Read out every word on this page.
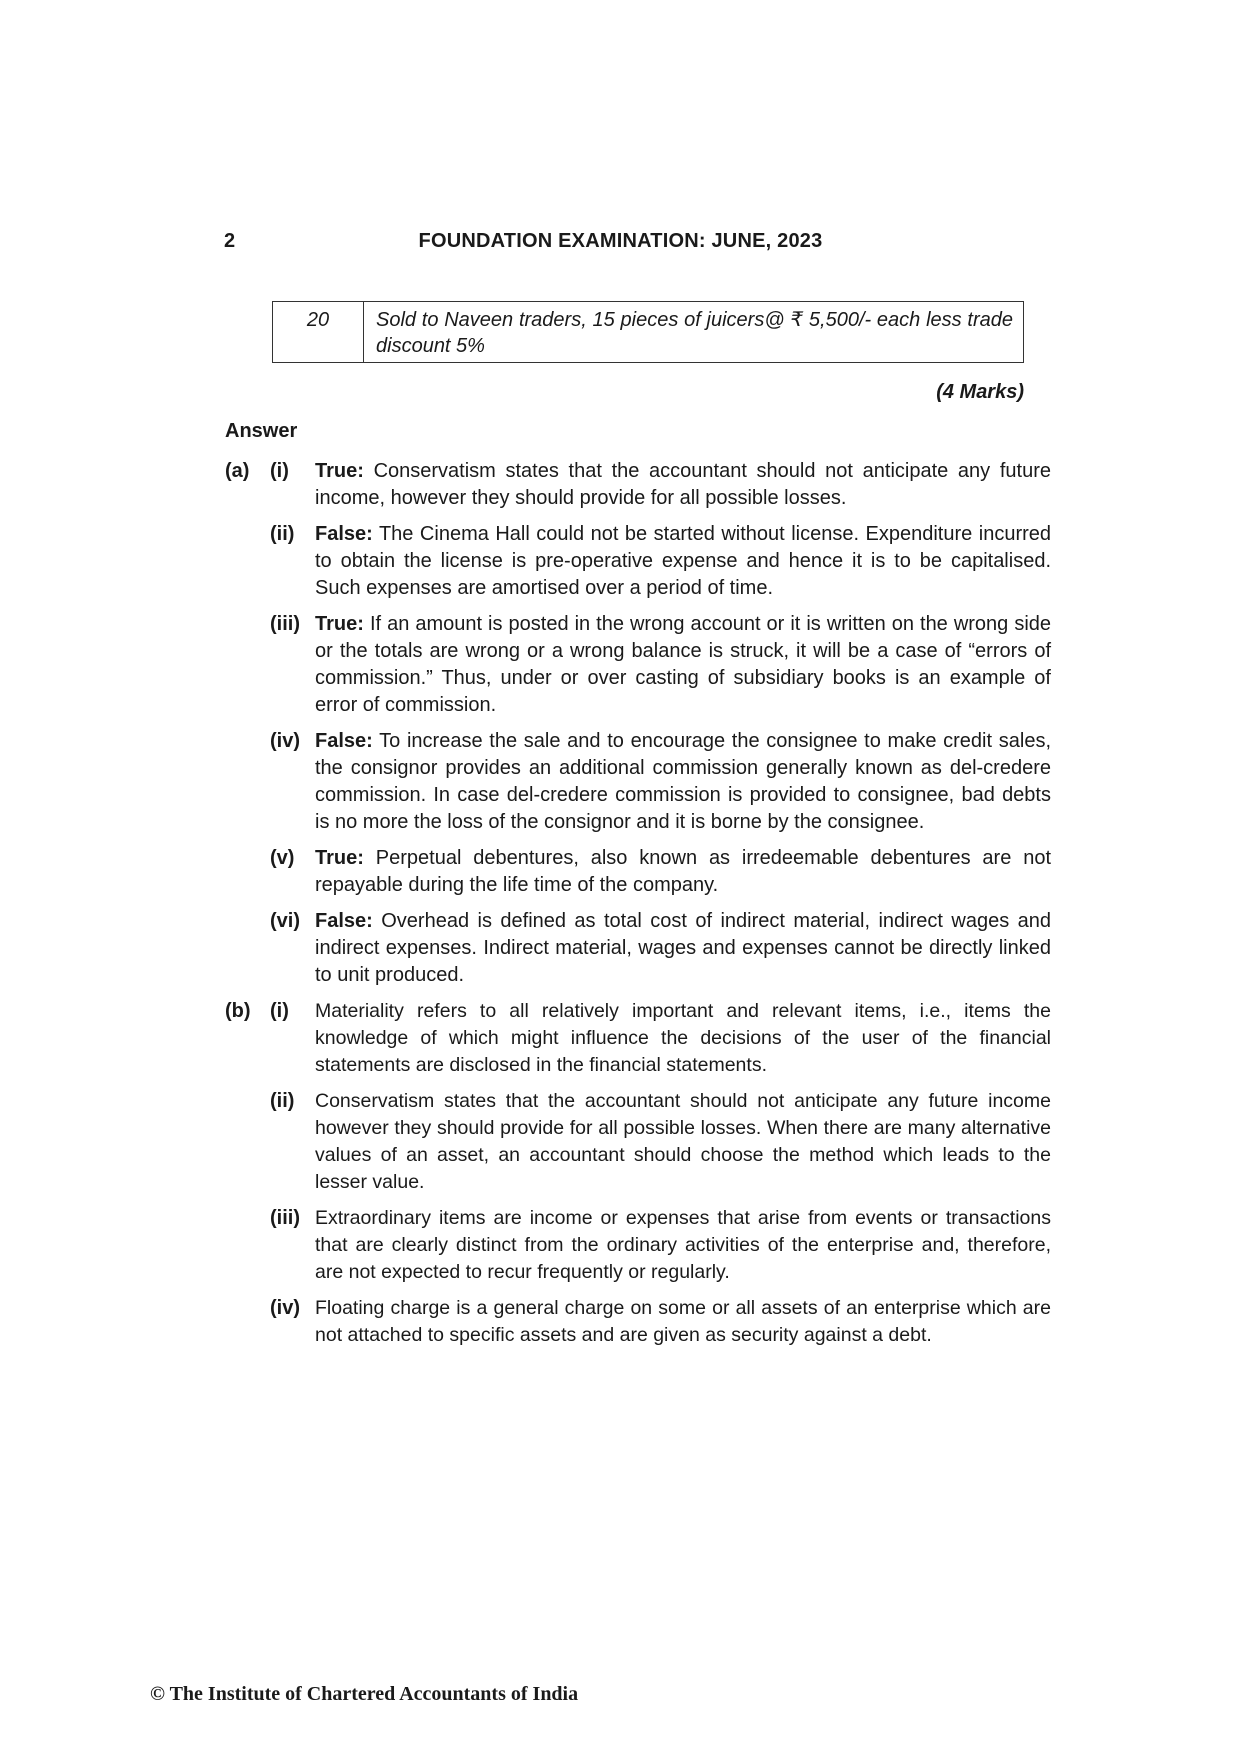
2	FOUNDATION EXAMINATION: JUNE, 2023
20	Sold to Naveen traders, 15 pieces of juicers@ ₹ 5,500/- each less trade discount 5%
(4 Marks)
Answer
(a) (i) True: Conservatism states that the accountant should not anticipate any future income, however they should provide for all possible losses.
(ii) False: The Cinema Hall could not be started without license. Expenditure incurred to obtain the license is pre-operative expense and hence it is to be capitalised. Such expenses are amortised over a period of time.
(iii) True: If an amount is posted in the wrong account or it is written on the wrong side or the totals are wrong or a wrong balance is struck, it will be a case of “errors of commission.” Thus, under or over casting of subsidiary books is an example of error of commission.
(iv) False: To increase the sale and to encourage the consignee to make credit sales, the consignor provides an additional commission generally known as del-credere commission. In case del-credere commission is provided to consignee, bad debts is no more the loss of the consignor and it is borne by the consignee.
(v) True: Perpetual debentures, also known as irredeemable debentures are not repayable during the life time of the company.
(vi) False: Overhead is defined as total cost of indirect material, indirect wages and indirect expenses. Indirect material, wages and expenses cannot be directly linked to unit produced.
(b) (i) Materiality refers to all relatively important and relevant items, i.e., items the knowledge of which might influence the decisions of the user of the financial statements are disclosed in the financial statements.
(ii) Conservatism states that the accountant should not anticipate any future income however they should provide for all possible losses. When there are many alternative values of an asset, an accountant should choose the method which leads to the lesser value.
(iii) Extraordinary items are income or expenses that arise from events or transactions that are clearly distinct from the ordinary activities of the enterprise and, therefore, are not expected to recur frequently or regularly.
(iv) Floating charge is a general charge on some or all assets of an enterprise which are not attached to specific assets and are given as security against a debt.
© The Institute of Chartered Accountants of India
